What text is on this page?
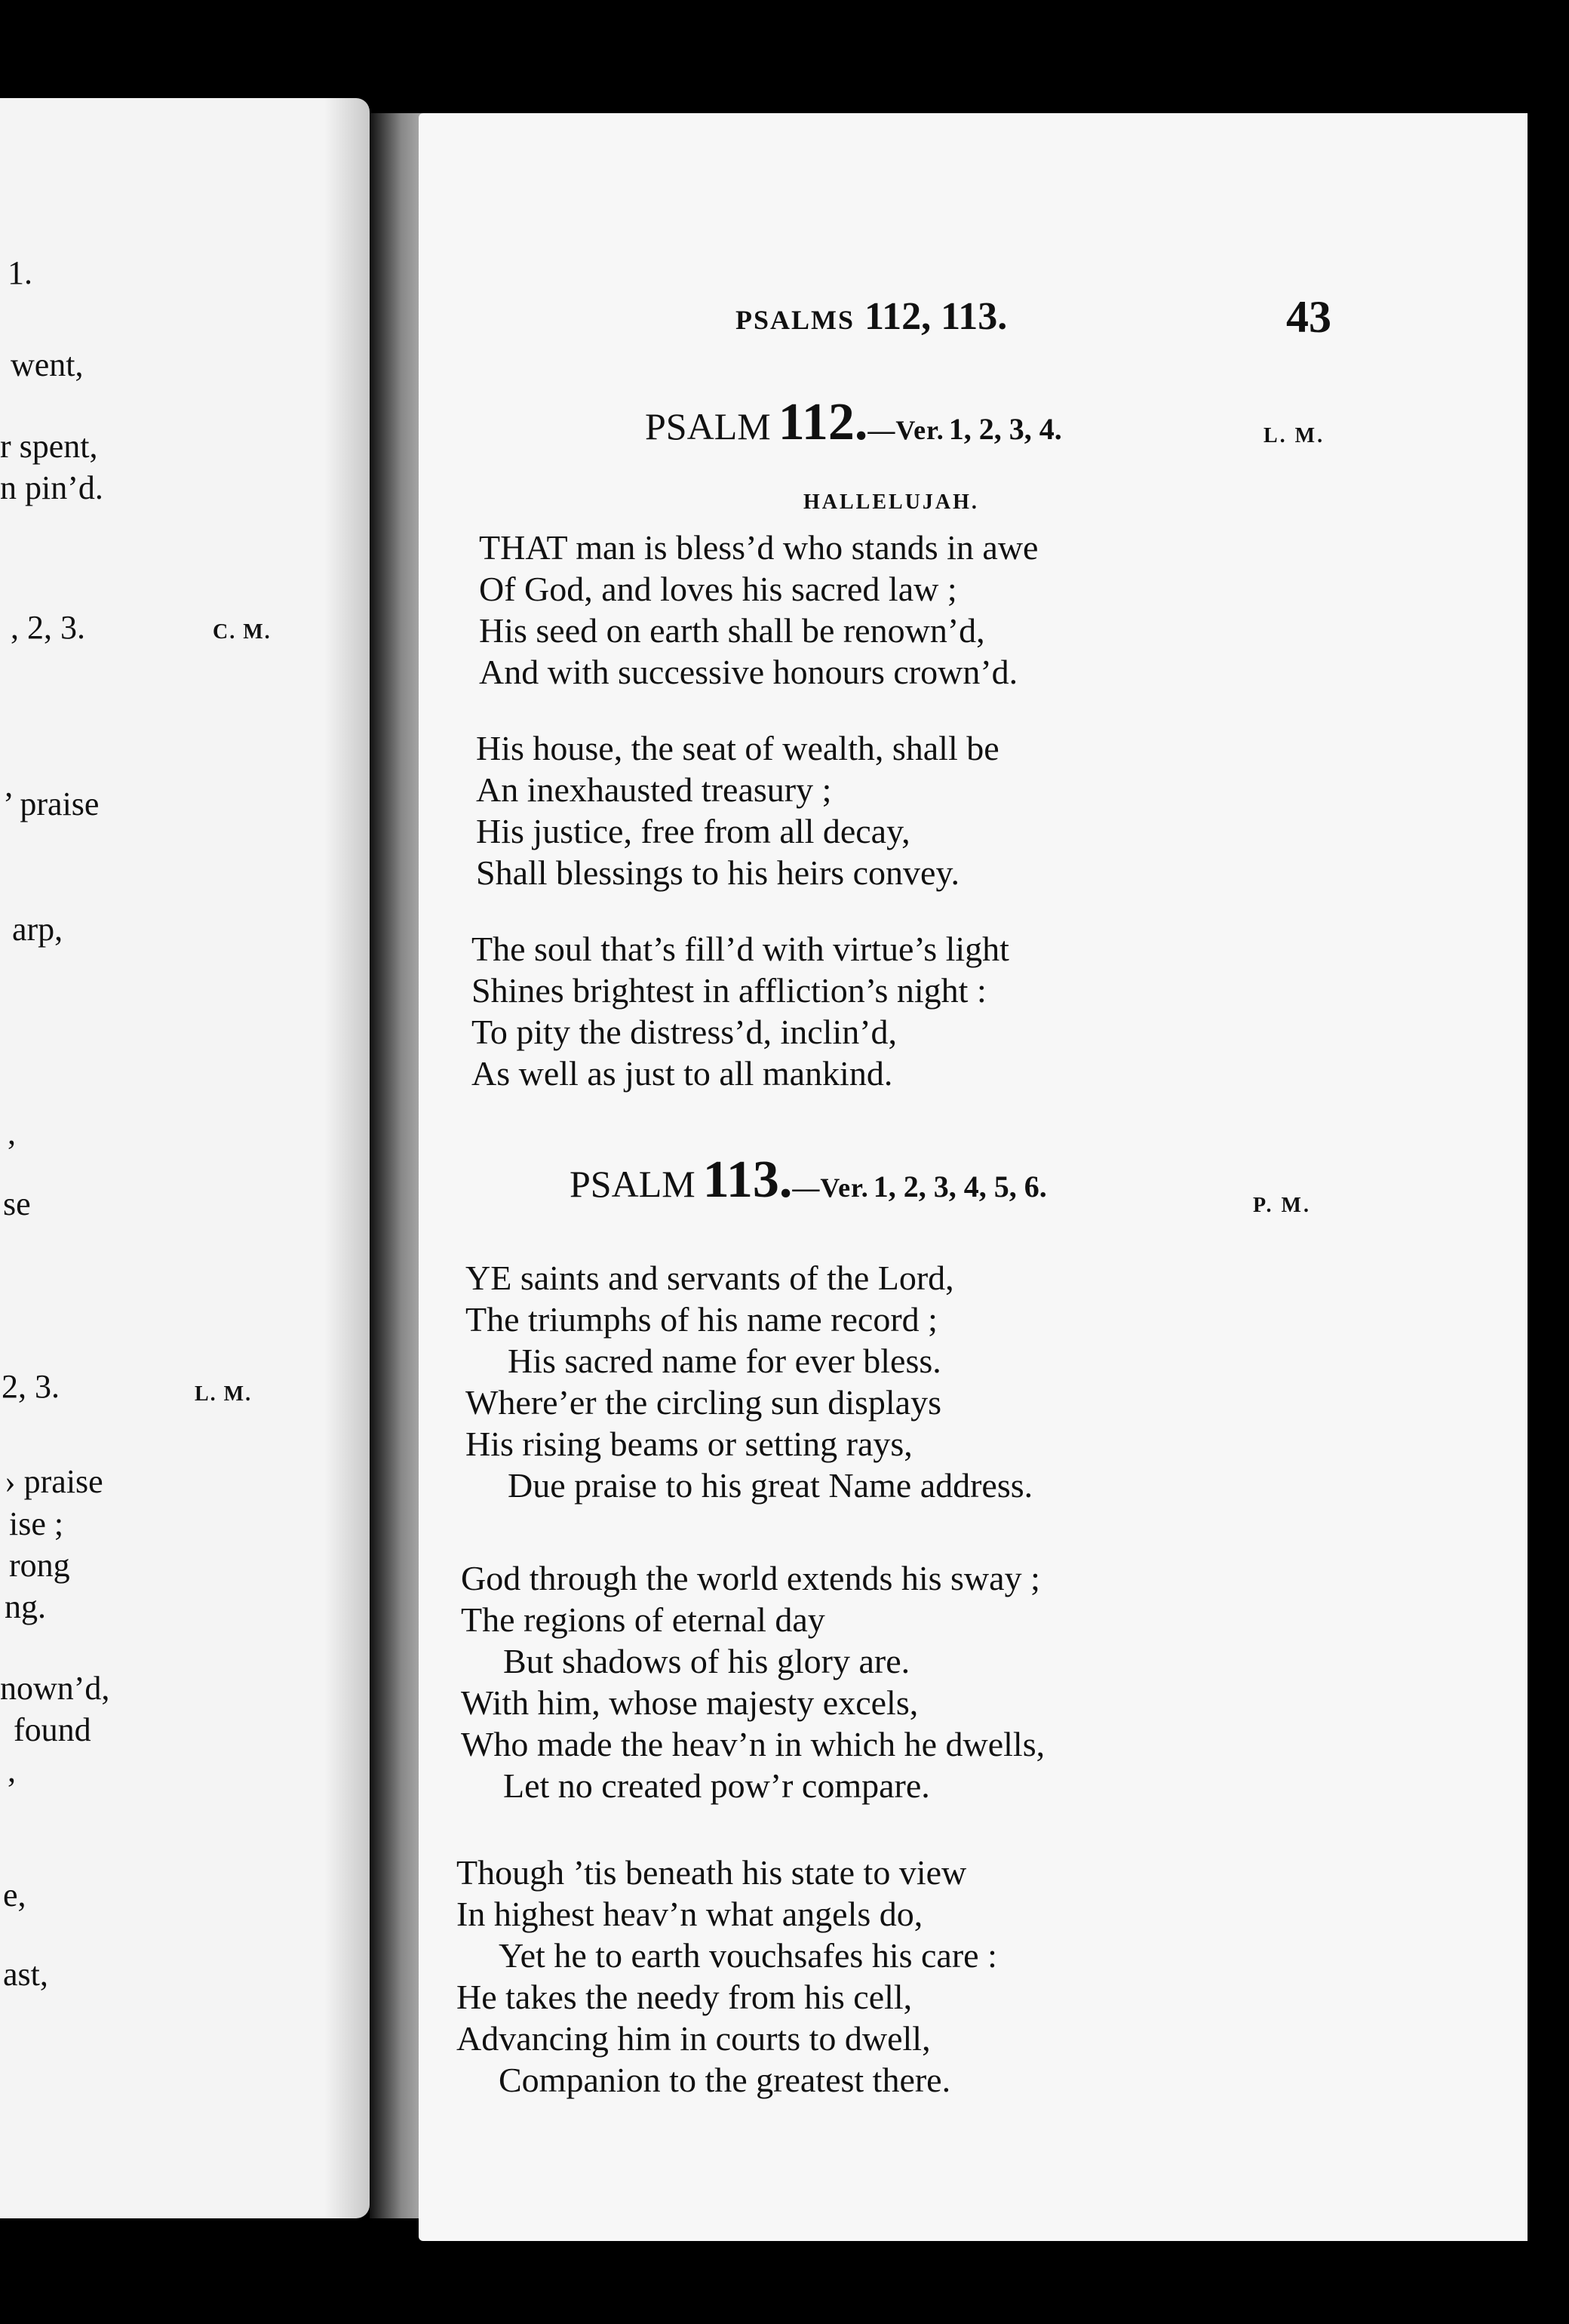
1.
went,
r spent,
n pin’d.
, 2, 3.
’ praise
arp,
,
se
2, 3.
› praise
ise ;
rong
ng.
nown’d,
found
,
e,
ast,
C. M.
L. M.
PSALMS 112, 113.	43
PSALM 112.—Ver. 1, 2, 3, 4.	L. M.
HALLELUJAH.
THAT man is bless’d who stands in awe
Of God, and loves his sacred law ;
His seed on earth shall be renown’d,
And with successive honours crown’d.
His house, the seat of wealth, shall be
An inexhausted treasury ;
His justice, free from all decay,
Shall blessings to his heirs convey.
The soul that’s fill’d with virtue’s light
Shines brightest in affliction’s night :
To pity the distress’d, inclin’d,
As well as just to all mankind.
PSALM 113.—Ver. 1, 2, 3, 4, 5, 6.
P. M.
YE saints and servants of the Lord,
The triumphs of his name record ;
His sacred name for ever bless.
Where’er the circling sun displays
His rising beams or setting rays,
Due praise to his great Name address.
God through the world extends his sway ;
The regions of eternal day
But shadows of his glory are.
With him, whose majesty excels,
Who made the heav’n in which he dwells,
Let no created pow’r compare.
Though ’tis beneath his state to view
In highest heav’n what angels do,
Yet he to earth vouchsafes his care :
He takes the needy from his cell,
Advancing him in courts to dwell,
Companion to the greatest there.
